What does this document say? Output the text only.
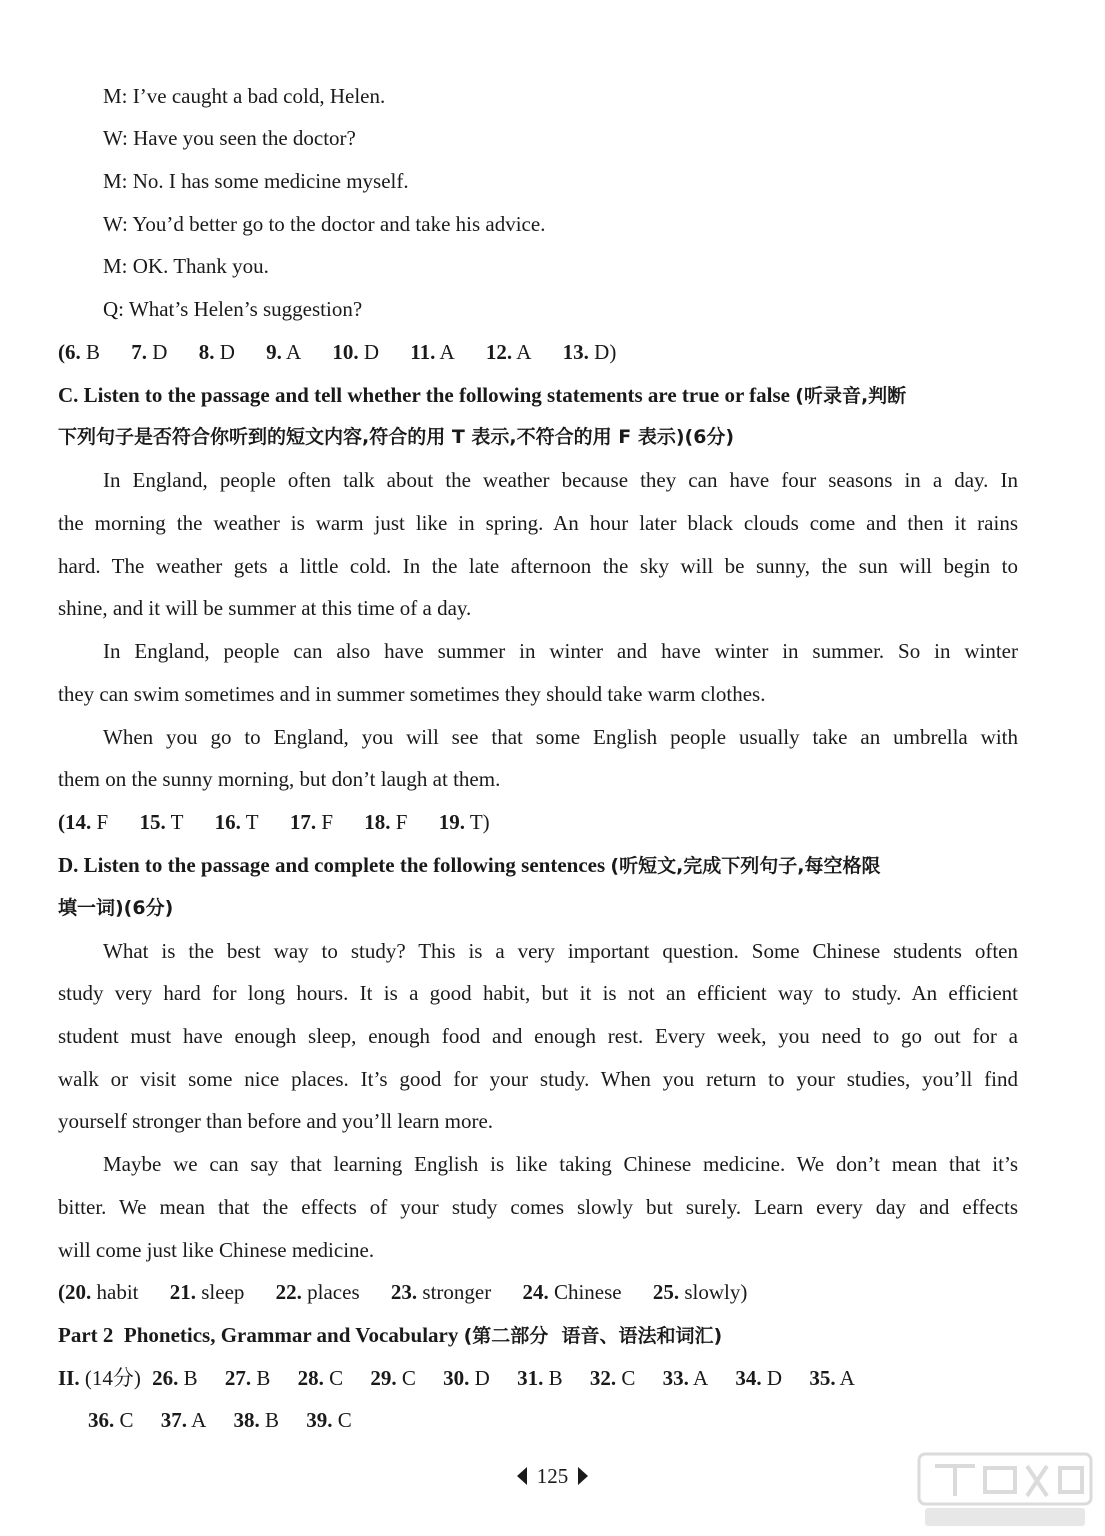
M: I’ve caught a bad cold, Helen.
W: Have you seen the doctor?
M: No. I has some medicine myself.
W: You’d better go to the doctor and take his advice.
M: OK. Thank you.
Q: What’s Helen’s suggestion?
(6. B 7. D 8. D 9. A 10. D 11. A 12. A 13. D)
C. Listen to the passage and tell whether the following statements are true or false (听录音,判断
下列句子是否符合你听到的短文内容,符合的用 T 表示,不符合的用 F 表示)(6分)
In England, people often talk about the weather because they can have four seasons in a day. In
the morning the weather is warm just like in spring. An hour later black clouds come and then it rains
hard. The weather gets a little cold. In the late afternoon the sky will be sunny, the sun will begin to
shine, and it will be summer at this time of a day.
In England, people can also have summer in winter and have winter in summer. So in winter
they can swim sometimes and in summer sometimes they should take warm clothes.
When you go to England, you will see that some English people usually take an umbrella with
them on the sunny morning, but don’t laugh at them.
(14. F 15. T 16. T 17. F 18. F 19. T)
D. Listen to the passage and complete the following sentences (听短文,完成下列句子,每空格限
填一词)(6分)
What is the best way to study? This is a very important question. Some Chinese students often
study very hard for long hours. It is a good habit, but it is not an efficient way to study. An efficient
student must have enough sleep, enough food and enough rest. Every week, you need to go out for a
walk or visit some nice places. It’s good for your study. When you return to your studies, you’ll find
yourself stronger than before and you’ll learn more.
Maybe we can say that learning English is like taking Chinese medicine. We don’t mean that it’s
bitter. We mean that the effects of your study comes slowly but surely. Learn every day and effects
will come just like Chinese medicine.
(20. habit 21. sleep 22. places 23. stronger 24. Chinese 25. slowly)
Part 2  Phonetics, Grammar and Vocabulary (第二部分  语音、语法和词汇)
II. (14分) 26. B 27. B 28. C 29. C 30. D 31. B 32. C 33. A 34. D 35. A
36. C 37. A 38. B 39. C
125
